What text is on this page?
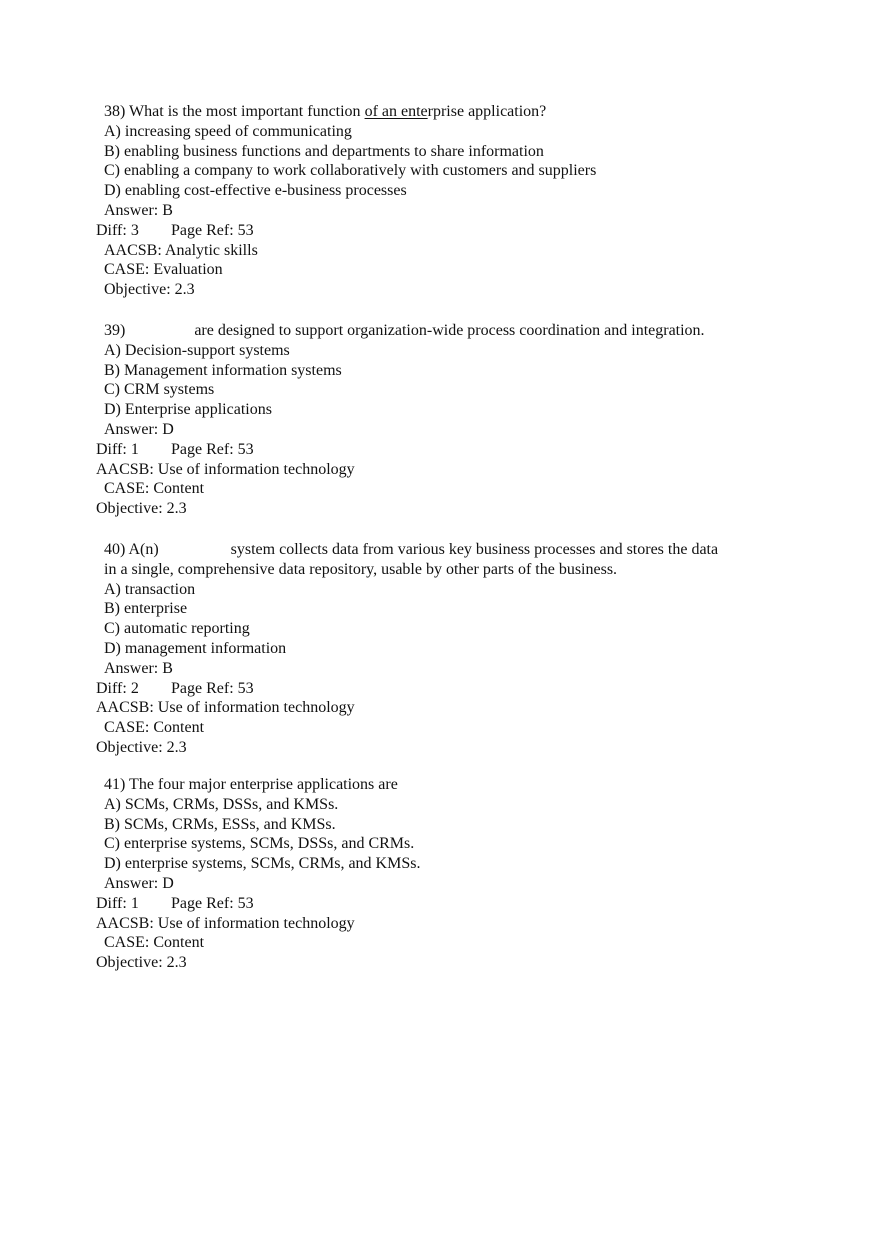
38) What is the most important function of an enterprise application?
A) increasing speed of communicating
B) enabling business functions and departments to share information
C) enabling a company to work collaboratively with customers and suppliers
D) enabling cost-effective e-business processes
Answer: B
Diff: 3 Page Ref: 53
AACSB: Analytic skills
CASE: Evaluation
Objective: 2.3
39)	are designed to support organization-wide process coordination and integration.
A) Decision-support systems
B) Management information systems
C) CRM systems
D) Enterprise applications
Answer: D
Diff: 1 Page Ref: 53
AACSB: Use of information technology
CASE: Content
Objective: 2.3
40) A(n)	system collects data from various key business processes and stores the data
in a single, comprehensive data repository, usable by other parts of the business.
A) transaction
B) enterprise
C) automatic reporting
D) management information
Answer: B
Diff: 2 Page Ref: 53
AACSB: Use of information technology
CASE: Content
Objective: 2.3
41) The four major enterprise applications are
A) SCMs, CRMs, DSSs, and KMSs.
B) SCMs, CRMs, ESSs, and KMSs.
C) enterprise systems, SCMs, DSSs, and CRMs.
D) enterprise systems, SCMs, CRMs, and KMSs.
Answer: D
Diff: 1 Page Ref: 53
AACSB: Use of information technology
CASE: Content
Objective: 2.3
